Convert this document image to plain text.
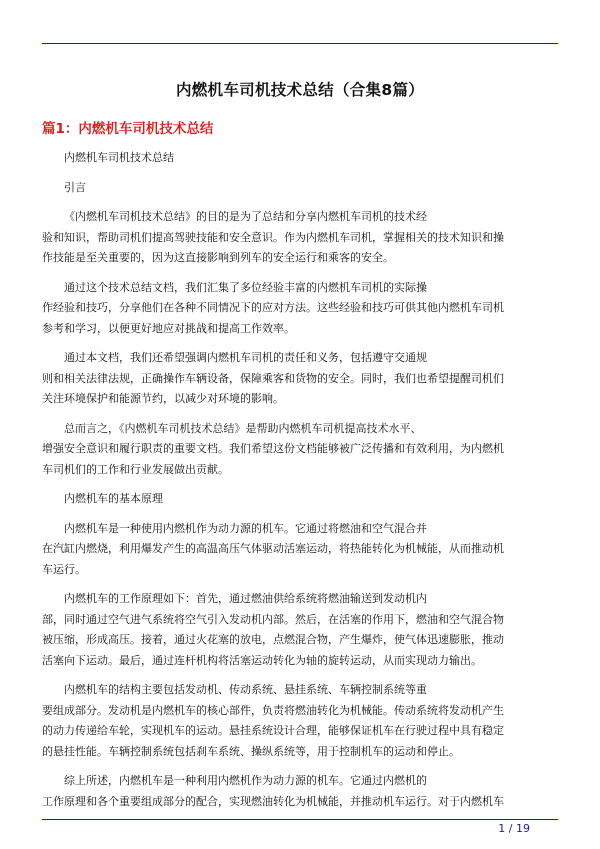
内燃机车司机技术总结（合集8篇）
篇1：内燃机车司机技术总结
内燃机车司机技术总结
引言
《内燃机车司机技术总结》的目的是为了总结和分享内燃机车司机的技术经
验和知识，帮助司机们提高驾驶技能和安全意识。作为内燃机车司机，掌握相关的技术知识和操
作技能是至关重要的，因为这直接影响到列车的安全运行和乘客的安全。
通过这个技术总结文档，我们汇集了多位经验丰富的内燃机车司机的实际操
作经验和技巧，分享他们在各种不同情况下的应对方法。这些经验和技巧可供其他内燃机车司机
参考和学习，以便更好地应对挑战和提高工作效率。
通过本文档，我们还希望强调内燃机车司机的责任和义务，包括遵守交通规
则和相关法律法规，正确操作车辆设备，保障乘客和货物的安全。同时，我们也希望提醒司机们
关注环境保护和能源节约，以减少对环境的影响。
总而言之，《内燃机车司机技术总结》是帮助内燃机车司机提高技术水平、
增强安全意识和履行职责的重要文档。我们希望这份文档能够被广泛传播和有效利用，为内燃机
车司机们的工作和行业发展做出贡献。
内燃机车的基本原理
内燃机车是一种使用内燃机作为动力源的机车。它通过将燃油和空气混合并
在汽缸内燃烧，利用爆发产生的高温高压气体驱动活塞运动，将热能转化为机械能，从而推动机
车运行。
内燃机车的工作原理如下：首先，通过燃油供给系统将燃油输送到发动机内
部，同时通过空气进气系统将空气引入发动机内部。然后，在活塞的作用下，燃油和空气混合物
被压缩，形成高压。接着，通过火花塞的放电，点燃混合物，产生爆炸，使气体迅速膨胀，推动
活塞向下运动。最后，通过连杆机构将活塞运动转化为轴的旋转运动，从而实现动力输出。
内燃机车的结构主要包括发动机、传动系统、悬挂系统、车辆控制系统等重
要组成部分。发动机是内燃机车的核心部件，负责将燃油转化为机械能。传动系统将发动机产生
的动力传递给车轮，实现机车的运动。悬挂系统设计合理，能够保证机车在行驶过程中具有稳定
的悬挂性能。车辆控制系统包括刹车系统、操纵系统等，用于控制机车的运动和停止。
综上所述，内燃机车是一种利用内燃机作为动力源的机车。它通过内燃机的
工作原理和各个重要组成部分的配合，实现燃油转化为机械能，并推动机车运行。对于内燃机车
1 / 19
